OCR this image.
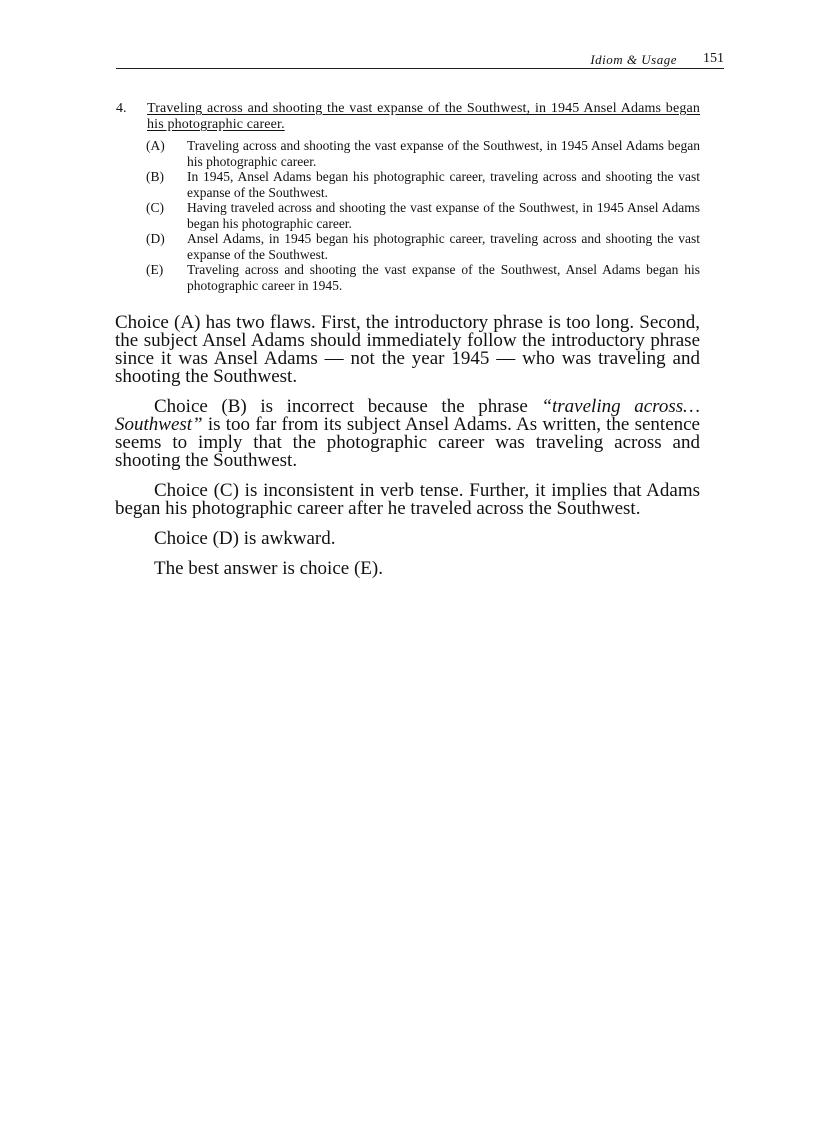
Idiom & Usage 151
4. Traveling across and shooting the vast expanse of the Southwest, in 1945 Ansel Adams began his photographic career.
(A) Traveling across and shooting the vast expanse of the Southwest, in 1945 Ansel Adams began his photographic career.
(B) In 1945, Ansel Adams began his photographic career, traveling across and shooting the vast expanse of the Southwest.
(C) Having traveled across and shooting the vast expanse of the Southwest, in 1945 Ansel Adams began his photographic career.
(D) Ansel Adams, in 1945 began his photographic career, traveling across and shooting the vast expanse of the Southwest.
(E) Traveling across and shooting the vast expanse of the Southwest, Ansel Adams began his photographic career in 1945.

Choice (A) has two flaws. First, the introductory phrase is too long. Second, the subject Ansel Adams should immediately follow the introductory phrase since it was Ansel Adams — not the year 1945 — who was traveling and shooting the Southwest.

Choice (B) is incorrect because the phrase “traveling across… Southwest” is too far from its subject Ansel Adams. As written, the sentence seems to imply that the photographic career was traveling across and shooting the Southwest.

Choice (C) is inconsistent in verb tense. Further, it implies that Adams began his photographic career after he traveled across the Southwest.

Choice (D) is awkward.

The best answer is choice (E).
